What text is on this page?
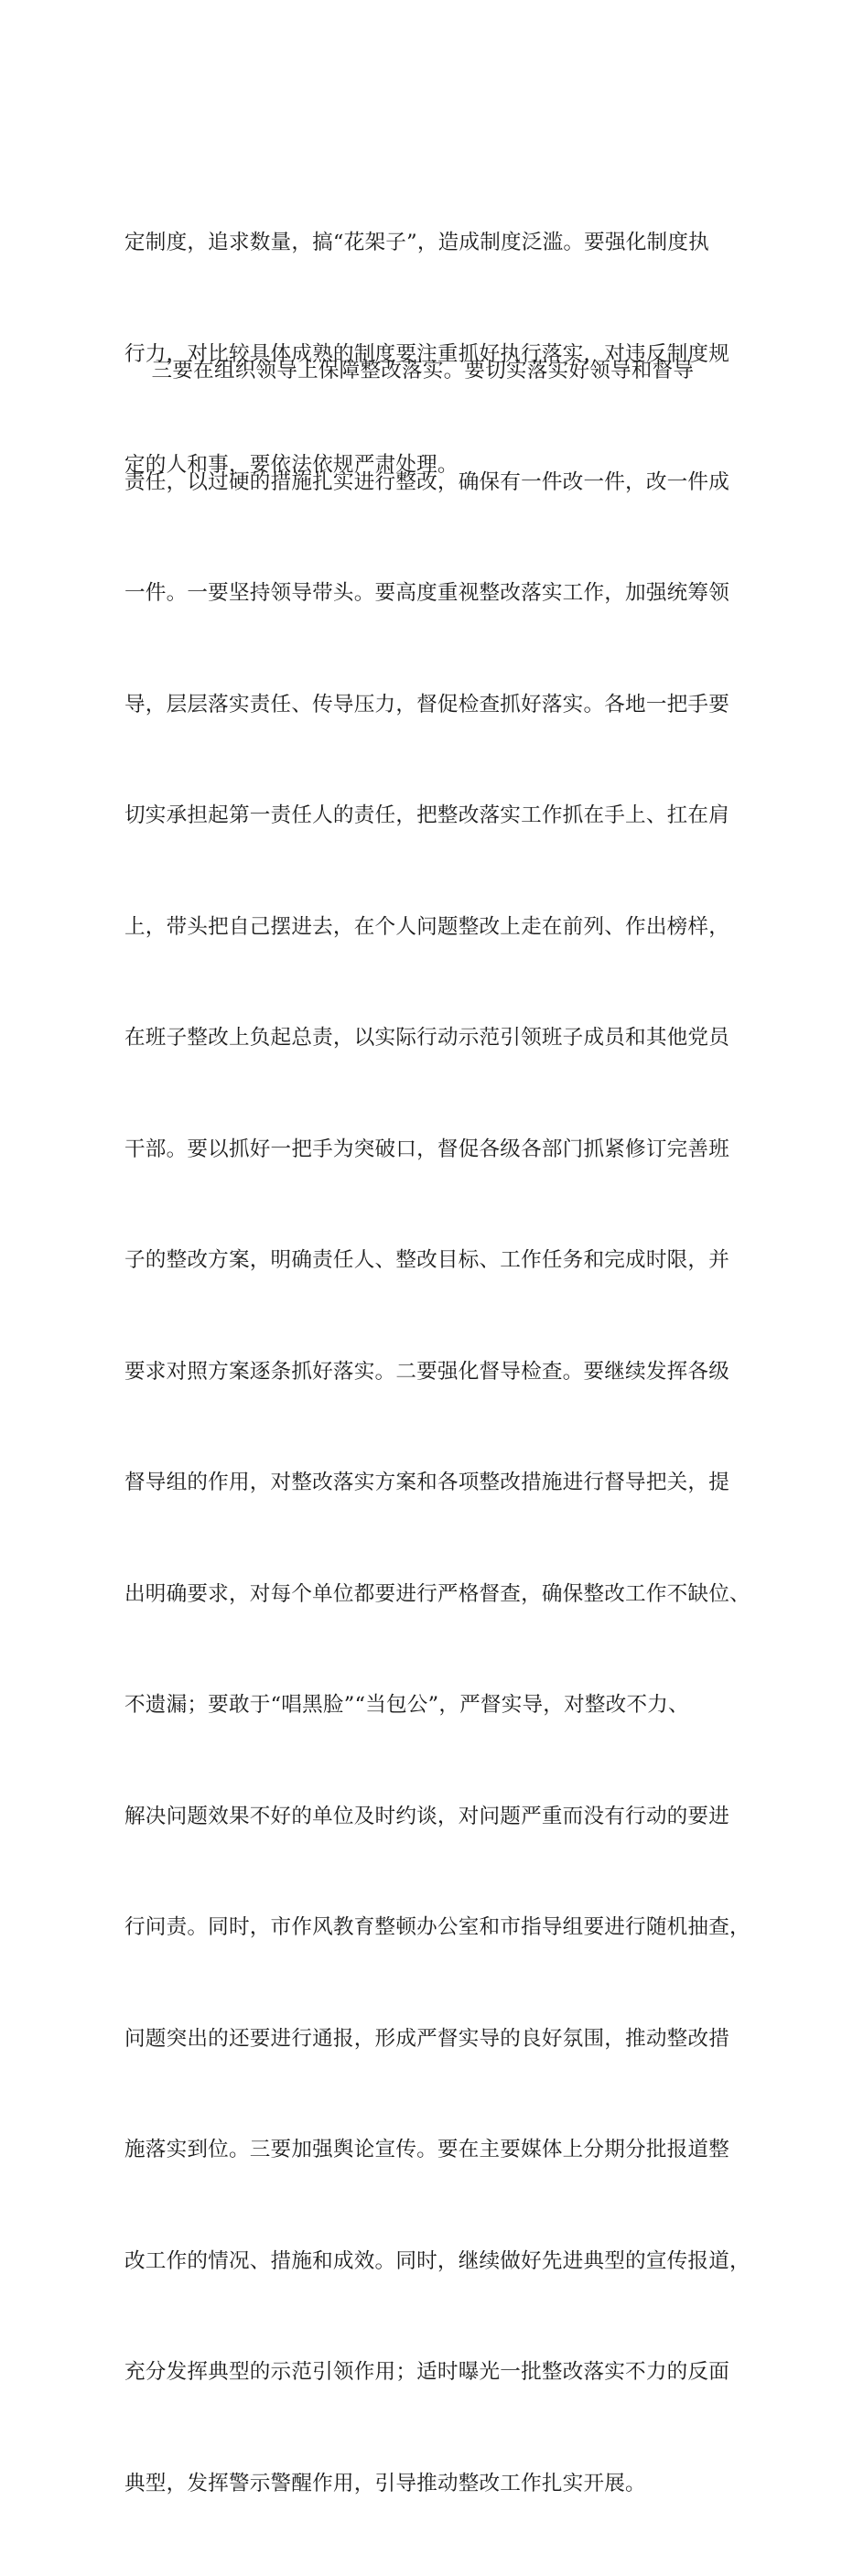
定制度，追求数量，搞“花架子”，造成制度泛滥。要强化制度执

行力，对比较具体成熟的制度要注重抓好执行落实，对违反制度规

定的人和事，要依法依规严肃处理。

三要在组织领导上保障整改落实。要切实落实好领导和督导

责任，以过硬的措施扎实进行整改，确保有一件改一件，改一件成

一件。一要坚持领导带头。要高度重视整改落实工作，加强统筹领

导，层层落实责任、传导压力，督促检查抓好落实。各地一把手要

切实承担起第一责任人的责任，把整改落实工作抓在手上、扛在肩

上，带头把自己摆进去，在个人问题整改上走在前列、作出榜样，

在班子整改上负起总责，以实际行动示范引领班子成员和其他党员

干部。要以抓好一把手为突破口，督促各级各部门抓紧修订完善班

子的整改方案，明确责任人、整改目标、工作任务和完成时限，并

要求对照方案逐条抓好落实。二要强化督导检查。要继续发挥各级

督导组的作用，对整改落实方案和各项整改措施进行督导把关，提

出明确要求，对每个单位都要进行严格督查，确保整改工作不缺位、

不遗漏；要敢于“唱黑脸”“当包公”，严督实导，对整改不力、

解决问题效果不好的单位及时约谈，对问题严重而没有行动的要进

行问责。同时，市作风教育整顿办公室和市指导组要进行随机抽查，

问题突出的还要进行通报，形成严督实导的良好氛围，推动整改措

施落实到位。三要加强舆论宣传。要在主要媒体上分期分批报道整

改工作的情况、措施和成效。同时，继续做好先进典型的宣传报道，

充分发挥典型的示范引领作用；适时曝光一批整改落实不力的反面

典型，发挥警示警醒作用，引导推动整改工作扎实开展。
